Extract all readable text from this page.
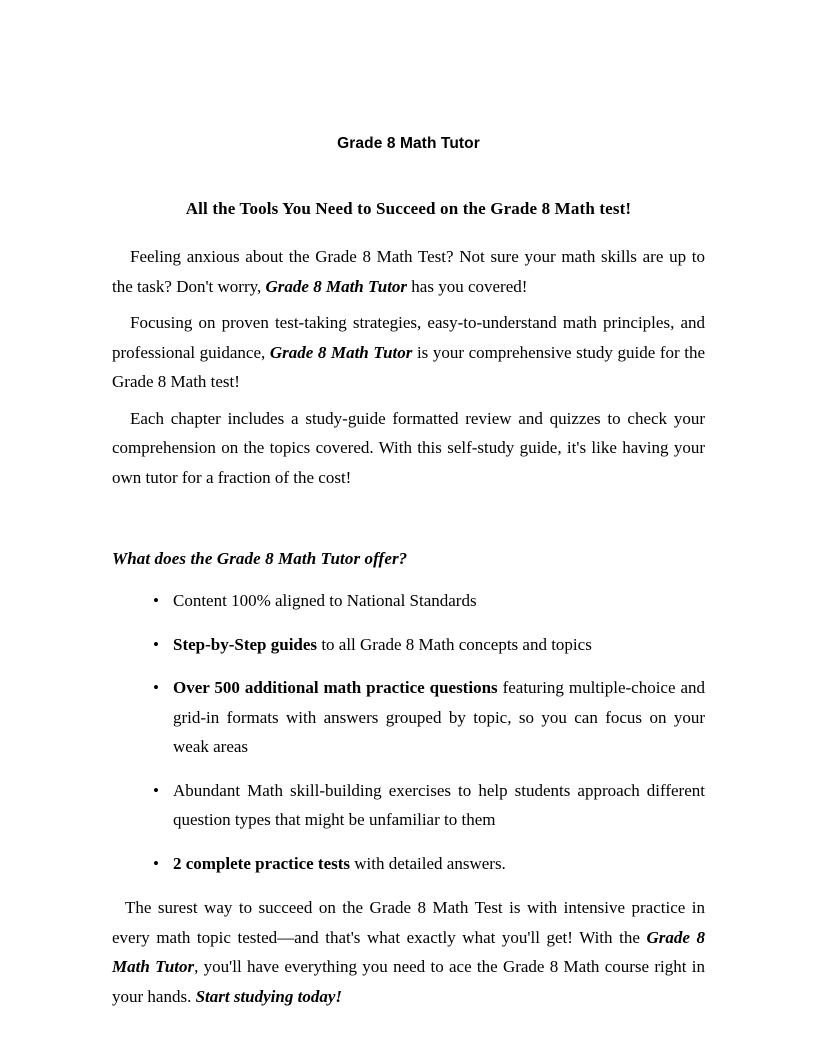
Grade 8 Math Tutor
All the Tools You Need to Succeed on the Grade 8 Math test!

Feeling anxious about the Grade 8 Math Test? Not sure your math skills are up to the task? Don't worry, Grade 8 Math Tutor has you covered!

Focusing on proven test-taking strategies, easy-to-understand math principles, and professional guidance, Grade 8 Math Tutor is your comprehensive study guide for the Grade 8 Math test!

Each chapter includes a study-guide formatted review and quizzes to check your comprehension on the topics covered. With this self-study guide, it's like having your own tutor for a fraction of the cost!

What does the Grade 8 Math Tutor offer?
• Content 100% aligned to National Standards
• Step-by-Step guides to all Grade 8 Math concepts and topics
• Over 500 additional math practice questions featuring multiple-choice and grid-in formats with answers grouped by topic, so you can focus on your weak areas
• Abundant Math skill-building exercises to help students approach different question types that might be unfamiliar to them
• 2 complete practice tests with detailed answers.

The surest way to succeed on the Grade 8 Math Test is with intensive practice in every math topic tested—and that's what exactly what you'll get! With the Grade 8 Math Tutor, you'll have everything you need to ace the Grade 8 Math course right in your hands. Start studying today!
